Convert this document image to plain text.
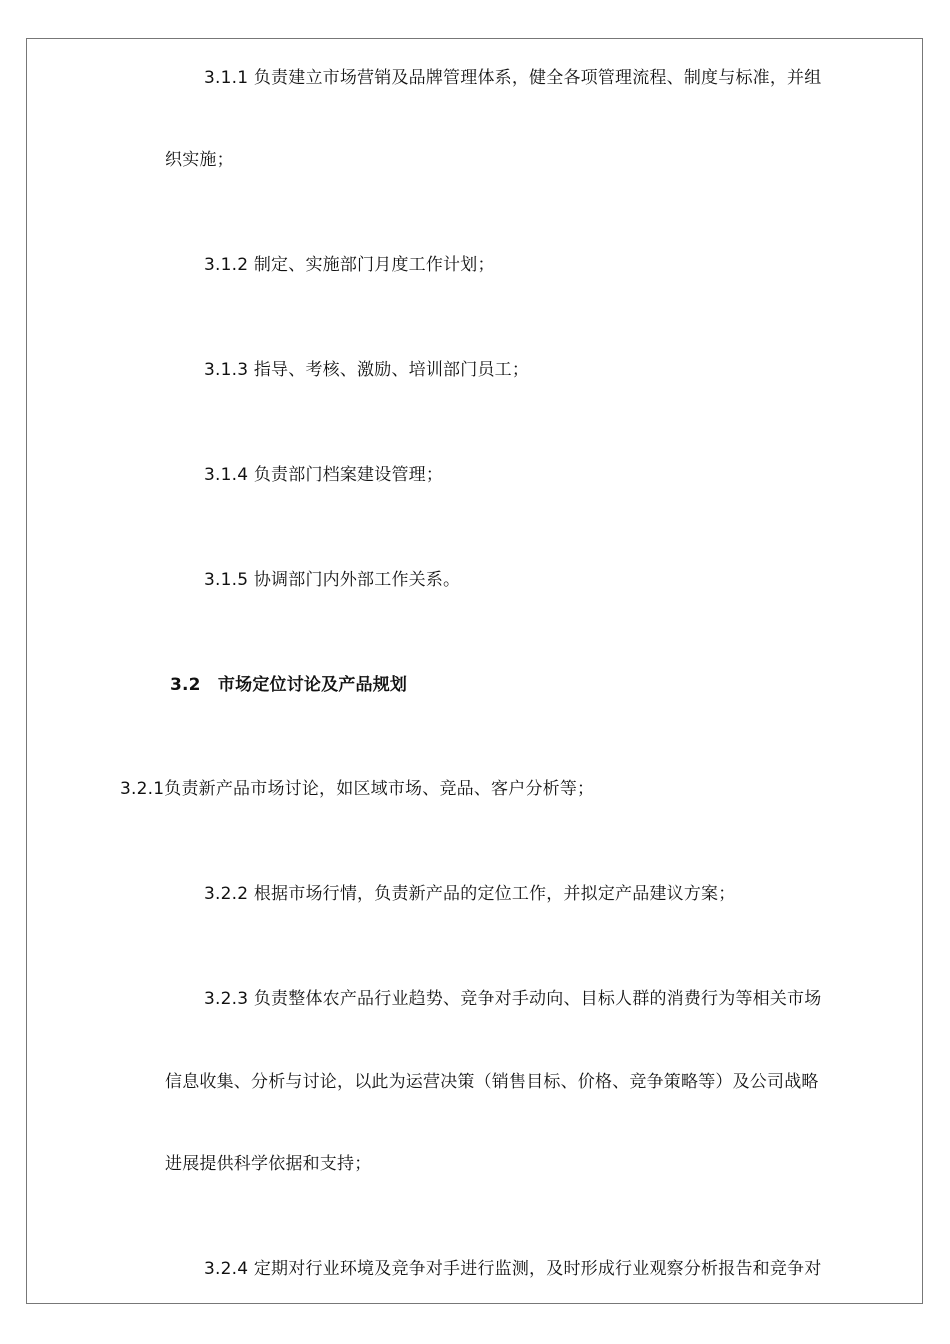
3.1.1 负责建立市场营销及品牌管理体系，健全各项管理流程、制度与标准，并组
织实施；
3.1.2 制定、实施部门月度工作计划；
3.1.3 指导、考核、激励、培训部门员工；
3.1.4 负责部门档案建设管理；
3.1.5 协调部门内外部工作关系。
3.2　市场定位讨论及产品规划
3.2.1负责新产品市场讨论，如区域市场、竞品、客户分析等；
3.2.2 根据市场行情，负责新产品的定位工作，并拟定产品建议方案；
3.2.3 负责整体农产品行业趋势、竞争对手动向、目标人群的消费行为等相关市场
信息收集、分析与讨论，以此为运营决策（销售目标、价格、竞争策略等）及公司战略
进展提供科学依据和支持；
3.2.4 定期对行业环境及竞争对手进行监测，及时形成行业观察分析报告和竞争对
